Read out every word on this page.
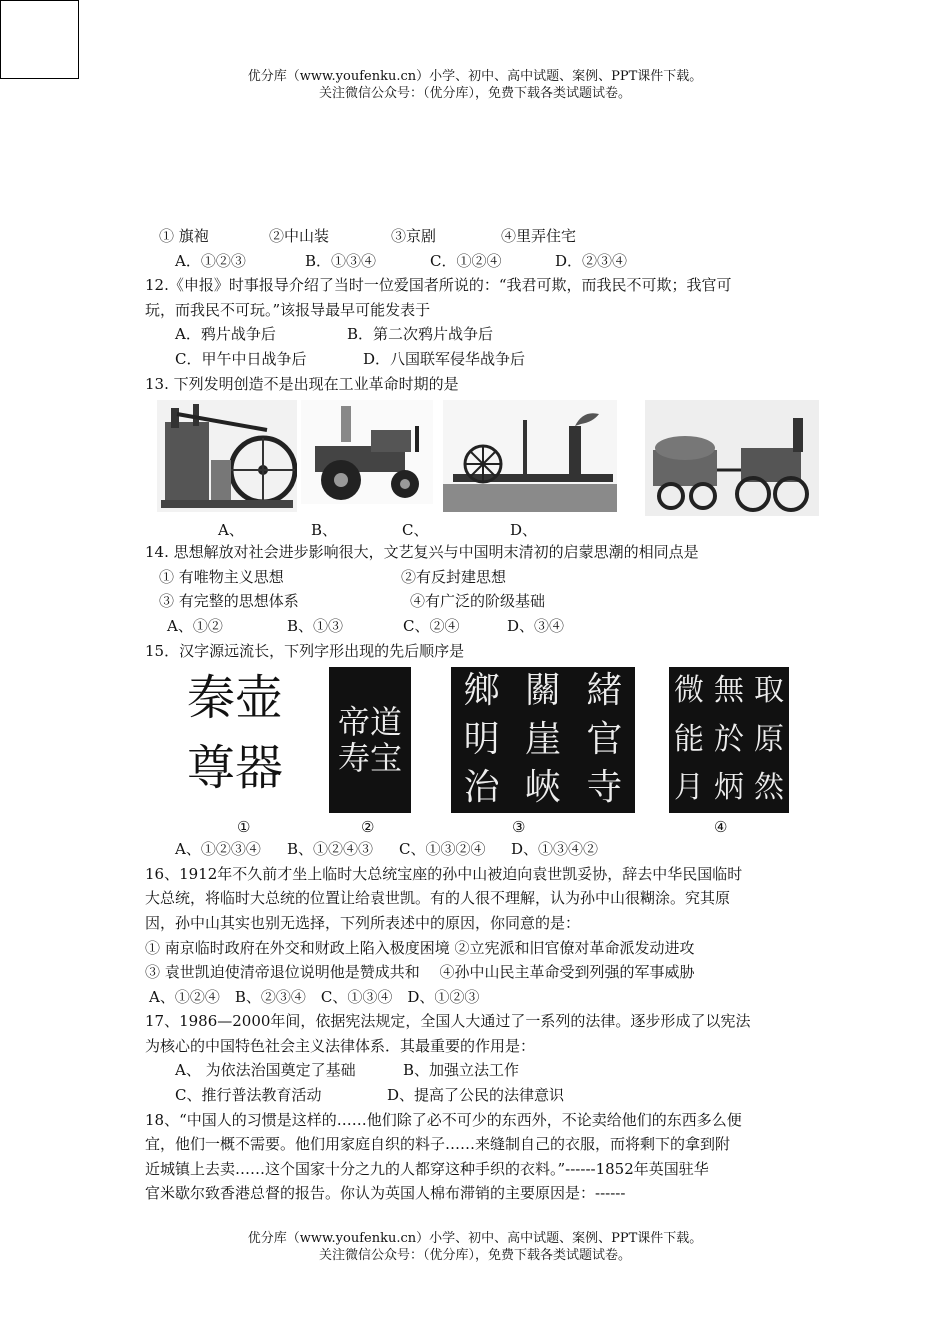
优分库（www.youfenku.cn）小学、初中、高中试题、案例、PPT课件下载。
关注微信公众号：（优分库），免费下载各类试题试卷。
① 旗袍	②中山装	③京剧	④里弄住宅
A．①②③	B．①③④	C．①②④	D．②③④
12.《申报》时事报导介绍了当时一位爱国者所说的：“我君可欺，而我民不可欺；我官可
玩，而我民不可玩。”该报导最早可能发表于
A．鸦片战争后	B．第二次鸦片战争后
C．甲午中日战争后	D．八国联军侵华战争后
13. 下列发明创造不是出现在工业革命时期的是
A、	B、	C、	D、
14. 思想解放对社会进步影响很大，文艺复兴与中国明末清初的启蒙思潮的相同点是
① 有唯物主义思想	②有反封建思想
③ 有完整的思想体系	④有广泛的阶级基础
A、①②	B、①③	C、②④	D、③④
15．汉字源远流长，下列字形出现的先后顺序是
秦 壶
尊 器
帝 道
寿 宝
鄉 關 緒
明 崖 官
治 峽 寺
微 無 取
能 於 原
月 炳 然
①	②	③	④
A、①②③④ B、①②④③ C、①③②④ D、①③④②
16、1912年不久前才坐上临时大总统宝座的孙中山被迫向袁世凯妥协，辞去中华民国临时
大总统，将临时大总统的位置让给袁世凯。有的人很不理解，认为孙中山很糊涂。究其原
因，孙中山其实也别无选择，下列所表述中的原因，你同意的是：
① 南京临时政府在外交和财政上陷入极度困境 ②立宪派和旧官僚对革命派发动进攻
③ 袁世凯迫使清帝退位说明他是赞成共和　 ④孙中山民主革命受到列强的军事威胁
A、①②④　B、②③④　C、①③④　D、①②③
17、1986—2000年间，依据宪法规定，全国人大通过了一系列的法律。逐步形成了以宪法
为核心的中国特色社会主义法律体系．其最重要的作用是：
A、 为依法治国奠定了基础	B、加强立法工作
C、推行普法教育活动	D、提高了公民的法律意识
18、“中国人的习惯是这样的……他们除了必不可少的东西外，不论卖给他们的东西多么便
宜，他们一概不需要。他们用家庭自织的料子……来缝制自己的衣服，而将剩下的拿到附
近城镇上去卖……这个国家十分之九的人都穿这种手织的衣料。”------1852年英国驻华
官米歇尔致香港总督的报告。你认为英国人棉布滞销的主要原因是：------
优分库（www.youfenku.cn）小学、初中、高中试题、案例、PPT课件下载。
关注微信公众号：（优分库），免费下载各类试题试卷。
